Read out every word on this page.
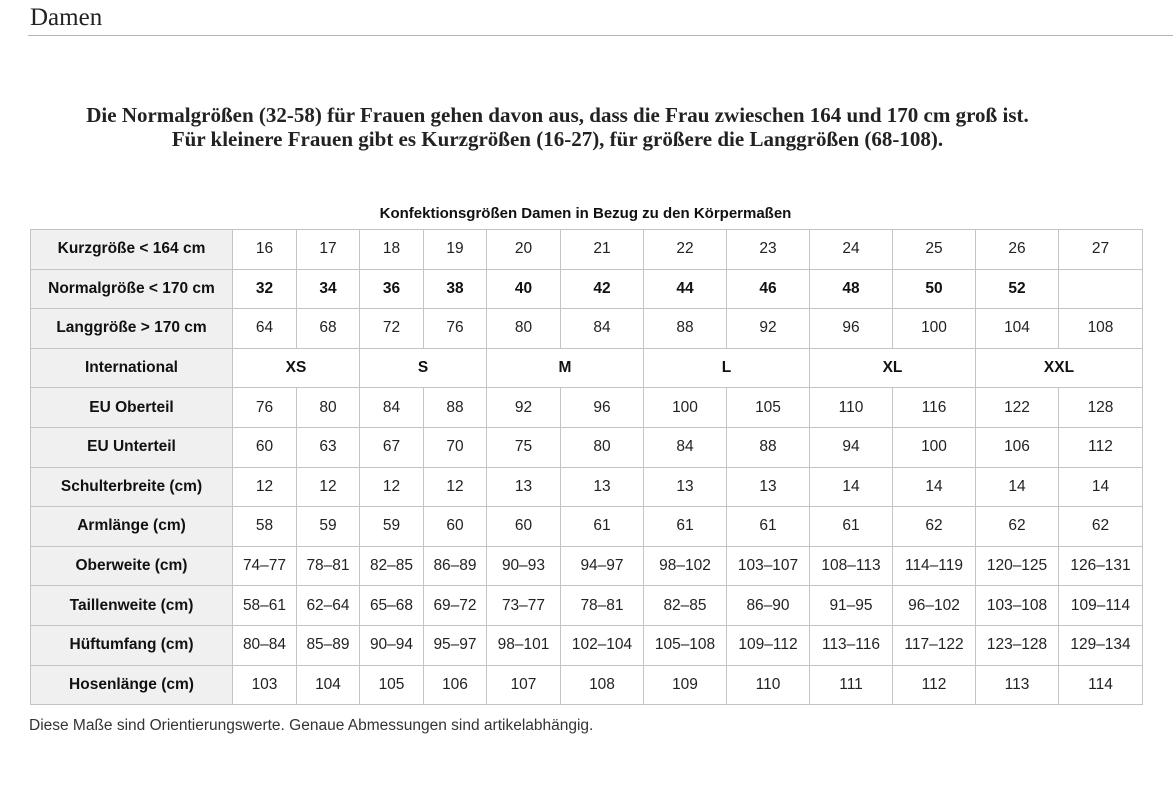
Damen
Die Normalgrößen (32-58) für Frauen gehen davon aus, dass die Frau zwieschen 164 und 170 cm groß ist.
Für kleinere Frauen gibt es Kurzgrößen (16-27), für größere die Langgrößen (68-108).
Konfektionsgrößen Damen in Bezug zu den Körpermaßen
Kurzgröße < 164 cm	16	17	18	19	20	21	22	23	24	25	26	27
Normalgröße < 170 cm	32	34	36	38	40	42	44	46	48	50	52	
Langgröße > 170 cm	64	68	72	76	80	84	88	92	96	100	104	108
International	XS		S		M		L		XL		XXL	
EU Oberteil	76	80	84	88	92	96	100	105	110	116	122	128
EU Unterteil	60	63	67	70	75	80	84	88	94	100	106	112
Schulterbreite (cm)	12	12	12	12	13	13	13	13	14	14	14	14
Armlänge (cm)	58	59	59	60	60	61	61	61	61	62	62	62
Oberweite (cm)	74–77	78–81	82–85	86–89	90–93	94–97	98–102	103–107	108–113	114–119	120–125	126–131
Taillenweite (cm)	58–61	62–64	65–68	69–72	73–77	78–81	82–85	86–90	91–95	96–102	103–108	109–114
Hüftumfang (cm)	80–84	85–89	90–94	95–97	98–101	102–104	105–108	109–112	113–116	117–122	123–128	129–134
Hosenlänge (cm)	103	104	105	106	107	108	109	110	111	112	113	114
Diese Maße sind Orientierungswerte. Genaue Abmessungen sind artikelabhängig.
